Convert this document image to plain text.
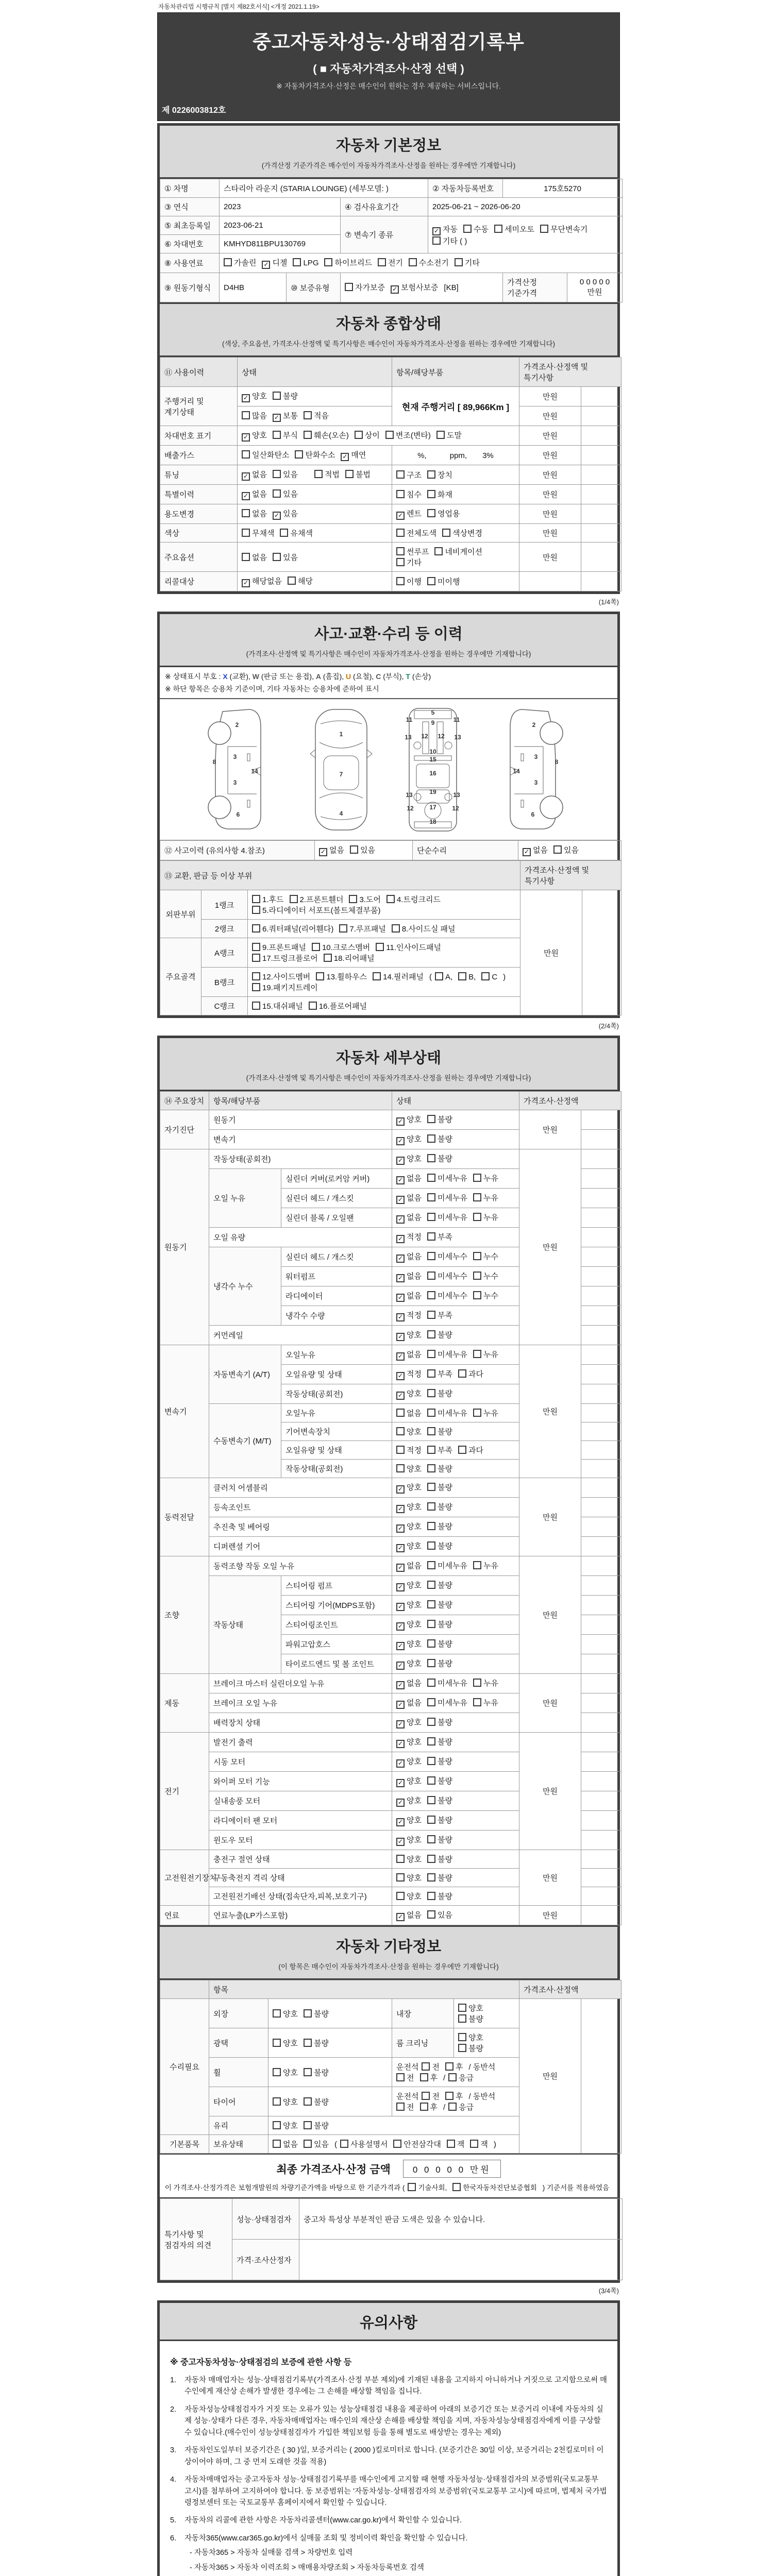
자동차관리법 시행규칙 [별지 제82호서식] <개정 2021.1.19>
중고자동차성능·상태점검기록부
( ■ 자동차가격조사·산정 선택 )
※ 자동차가격조사·산정은 매수인이 원하는 경우 제공하는 서비스입니다.
제 0226003812호
자동차 기본정보
(가격산정 기준가격은 매수인이 자동차가격조사·산정을 원하는 경우에만 기재합니다)
① 차명	스타리아 라운지 (STARIA LOUNGE) (세부모델: )			② 자동차등록번호	175호5270	
③ 연식	2023		④ 검사유효기간	2025-06-21 ~ 2026-06-20		
⑤ 최초등록일	2023-06-21		⑦ 변속기 종류	✓ 자동 수동 세미오토 무단변속기기타 ( )		
⑥ 차대번호	KMHYD811BPU130769					
⑧ 사용연료	가솔린 ✓ 디젤 LPG 하이브리드 전기 수소전기 기타					
⑨ 원동기형식	D4HB	⑩ 보증유형	자가보증 ✓ 보험사보증 [KB]		가격산정 기준가격	0 0 0 0 0 만원
자동차 종합상태
(색상, 주요옵션, 가격조사·산정액 및 특기사항은 매수인이 자동차가격조사·산정을 원하는 경우에만 기재합니다)
⑪ 사용이력	상태	항목/해당부품	가격조사·산정액 및 특기사항	
주행거리 및 계기상태	✓ 양호 불량	현재 주행거리 [ 89,966Km ]	만원	
	많음 ✓ 보통 적음		만원	
차대번호 표기	✓ 양호 부식 훼손(오손) 상이 변조(변타) 도말		만원	
배출가스	일산화탄소 탄화수소 ✓ 매연	%,　　　ppm,　　3%	만원	
튜닝	✓ 없음 있음　 적법 불법	구조 장치	만원	
특별이력	✓ 없음 있음	침수 화재	만원	
용도변경	없음 ✓ 있음	✓ 렌트 영업용	만원	
색상	무채색 유채색	전체도색 색상변경	만원	
주요옵션	없음 있음	썬루프 네비게이션기타	만원	
리콜대상	✓ 해당없음 해당	이행 미이행		
(1/4쪽)
사고·교환·수리 등 이력
(가격조사·산정액 및 특기사항은 매수인이 자동차가격조사·산정을 원하는 경우에만 기재합니다)
※ 상태표시 부호 : X (교환), W (판금 또는 용접), A (흠집), U (요철), C (부식), T (손상)
※ 하단 항목은 승용차 기준이며, 기타 자동차는 승용차에 준하여 표시
2
8
3
3
14
6
1
7
4
5
11	9	11
13 12 12 13
10
15
16
19
13	13
12	17	12
18
2
8
3
3
14
6
⑫ 사고이력 (유의사항 4.참조)	✓ 없음 있음	단순수리	✓ 없음 있음
⑬ 교환, 판금 등 이상 부위			가격조사·산정액 및 특기사항	
외판부위	1랭크	1.후드 2.프론트휀더 3.도어 4.트렁크리드5.라디에이터 서포트(볼트체결부품)	만원	
	2랭크	6.쿼터패널(리어휀다) 7.루프패널 8.사이드실 패널		
주요골격	A랭크	9.프론트패널 10.크로스멤버 11.인사이드패널17.트렁크플로어 18.리어패널		
	B랭크	12.사이드멤버 13.휠하우스 14.필러패널 ( A, B, C )19.패키지트레이		
	C랭크	15.대쉬패널 16.플로어패널		
(2/4쪽)
자동차 세부상태
(가격조사·산정액 및 특기사항은 매수인이 자동차가격조사·산정을 원하는 경우에만 기재합니다)
⑭ 주요장치	항목/해당부품		상태	가격조사·산정액	
자기진단	원동기		✓ 양호 불량	만원	
	변속기		✓ 양호 불량		
원동기	작동상태(공회전)		✓ 양호 불량	만원	
	오일 누유	실린더 커버(로커암 커버)	✓ 없음 미세누유 누유		
		실린더 헤드 / 개스킷	✓ 없음 미세누유 누유		
		실린더 블록 / 오일팬	✓ 없음 미세누유 누유		
	오일 유량		✓ 적정 부족		
	냉각수 누수	실린더 헤드 / 개스킷	✓ 없음 미세누수 누수		
		워터펌프	✓ 없음 미세누수 누수		
		라디에이터	✓ 없음 미세누수 누수		
		냉각수 수량	✓ 적정 부족		
	커먼레일		✓ 양호 불량		
변속기	자동변속기 (A/T)	오일누유	✓ 없음 미세누유 누유	만원	
		오일유량 및 상태	✓ 적정 부족 과다		
		작동상태(공회전)	✓ 양호 불량		
	수동변속기 (M/T)	오일누유	없음 미세누유 누유		
		기어변속장치	양호 불량		
		오일유량 및 상태	적정 부족 과다		
		작동상태(공회전)	양호 불량		
동력전달	클러치 어셈블리		✓ 양호 불량	만원	
	등속조인트		✓ 양호 불량		
	추진축 및 베어링		✓ 양호 불량		
	디퍼렌셜 기어		✓ 양호 불량		
조향	동력조향 작동 오일 누유		✓ 없음 미세누유 누유	만원	
	작동상태	스티어링 펌프	✓ 양호 불량		
		스티어링 기어(MDPS포함)	✓ 양호 불량		
		스티어링조인트	✓ 양호 불량		
		파워고압호스	✓ 양호 불량		
		타이로드엔드 및 볼 조인트	✓ 양호 불량		
제동	브레이크 마스터 실린더오일 누유		✓ 없음 미세누유 누유	만원	
	브레이크 오일 누유		✓ 없음 미세누유 누유		
	배력장치 상태		✓ 양호 불량		
전기	발전기 출력		✓ 양호 불량	만원	
	시동 모터		✓ 양호 불량		
	와이퍼 모터 기능		✓ 양호 불량		
	실내송풍 모터		✓ 양호 불량		
	라디에이터 팬 모터		✓ 양호 불량		
	윈도우 모터		✓ 양호 불량		
고전원전기장치	충전구 절연 상태		양호 불량	만원	
	구동축전지 격리 상태		양호 불량		
	고전원전기배선 상태(접속단자,피복,보호기구)		양호 불량		
연료	연료누출(LP가스포함)		✓ 없음 있음	만원	
자동차 기타정보
(이 항목은 매수인이 자동차가격조사·산정을 원하는 경우에만 기재합니다)
	항목				가격조사·산정액	
수리필요	외장	양호 불량	내장	양호불량	만원	
	광택	양호 불량	룸 크리닝	양호불량		
	휠	양호 불량	운전석 전 후 / 동반석전 후 / 응급			
	타이어	양호 불량	운전석 전 후 / 동반석전 후 / 응급			
	유리	양호 불량				
기본품목	보유상태	없음 있음 ( 사용설명서 안전삼각대 잭 잭 )				
최종 가격조사·산정 금액	0 0 0 0 0 만원
이 가격조사·산정가격은 보험개발원의 차량기준가액을 바탕으로 한 기준가격과 ( 기술사회, 한국자동차진단보증협회 ) 기준서를 적용하였음
특기사항 및 점검자의 의견	성능·상태점검자	중고차 특성상 부분적인 판금 도색은 있을 수 있습니다.
	가격·조사산정자	
(3/4쪽)
유의사항
※ 중고자동차성능·상태점검의 보증에 관한 사항 등
1.	자동차 매매업자는 성능·상태점검기록부(가격조사·산정 부분 제외)에 기재된 내용을 고지하지 아니하거나 거짓으로 고지함으로써 매수인에게 재산상 손해가 발생한 경우에는 그 손해를 배상할 책임을 집니다.
2.	자동차성능상태점검자가 거짓 또는 오류가 있는 성능상태점검 내용을 제공하여 아래의 보증기간 또는 보증거리 이내에 자동차의 실제 성능·상태가 다른 경우, 자동차매매업자는 매수인의 재산상 손해를 배상할 책임을 지며, 자동차성능상태점검자에게 이를 구상할 수 있습니다.(매수인이 성능상태점검자가 가입한 책임보험 등을 통해 별도로 배상받는 경우는 제외)
3.	자동차인도일부터 보증기간은 ( 30 )일, 보증거리는 ( 2000 )킬로미터로 합니다. (보증기간은 30일 이상, 보증거리는 2천킬로미터 이상이어야 하며, 그 중 먼저 도래한 것을 적용)
4.	자동차매매업자는 중고자동차 성능·상태점검기록부를 매수인에게 고지할 때 현행 자동차성능·상태점검자의 보증범위(국토교통부 고시)를 첨부하여 고지하여야 합니다. 동 보증범위는 '자동차성능·상태점검자의 보증범위'(국토교통부 고시)에 따르며, 법제처 국가법령정보센터 또는 국토교통부 홈페이지에서 확인할 수 있습니다.
5.	자동차의 리콜에 관한 사항은 자동차리콜센터(www.car.go.kr)에서 확인할 수 있습니다.
6.	자동차365(www.car365.go.kr)에서 실매물 조회 및 정비이력 확인을 확인할 수 있습니다.
- 자동차365 > 자동차 실매물 검색 > 차량번호 입력
- 자동차365 > 자동차 이력조회 > 매매용차량조회 > 자동차등록번호 검색
